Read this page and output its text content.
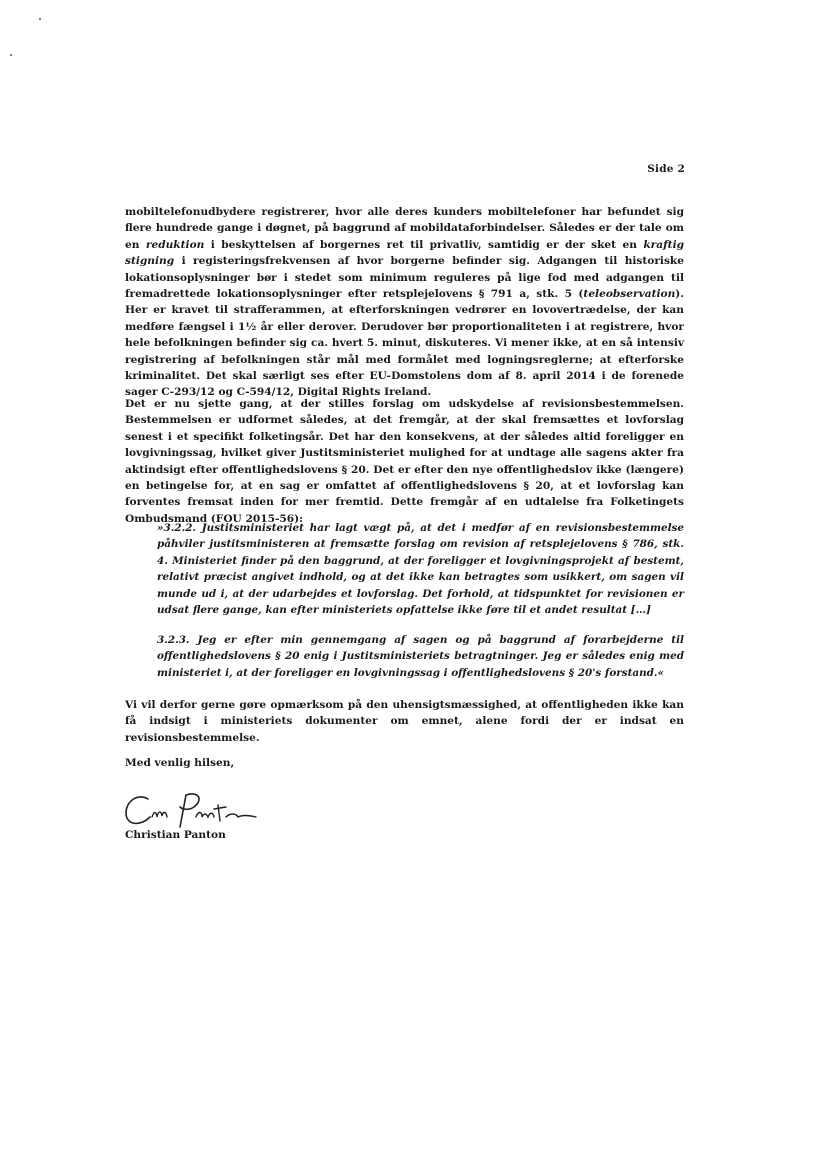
Side 2

mobiltelefonudbydere registrerer, hvor alle deres kunders mobiltelefoner har befundet sig flere hundrede gange i døgnet, på baggrund af mobildataforbindelser. Således er der tale om en reduktion i beskyttelsen af borgernes ret til privatliv, samtidig er der sket en kraftig stigning i registeringsfrekvensen af hvor borgerne befinder sig. Adgangen til historiske lokationsoplysninger bør i stedet som minimum reguleres på lige fod med adgangen til fremadrettede lokationsoplysninger efter retsplejelovens § 791 a, stk. 5 (teleobservation). Her er kravet til strafferammen, at efterforskningen vedrører en lovovertrædelse, der kan medføre fængsel i 1½ år eller derover. Derudover bør proportionaliteten i at registrere, hvor hele befolkningen befinder sig ca. hvert 5. minut, diskuteres. Vi mener ikke, at en så intensiv registrering af befolkningen står mål med formålet med logningsreglerne; at efterforske kriminalitet. Det skal særligt ses efter EU-Domstolens dom af 8. april 2014 i de forenede sager C-293/12 og C-594/12, Digital Rights Ireland.

Det er nu sjette gang, at der stilles forslag om udskydelse af revisionsbestemmelsen. Bestemmelsen er udformet således, at det fremgår, at der skal fremsættes et lovforslag senest i et specifikt folketingsår. Det har den konsekvens, at der således altid foreligger en lovgivningssag, hvilket giver Justitsministeriet mulighed for at undtage alle sagens akter fra aktindsigt efter offentlighedslovens § 20. Det er efter den nye offentlighedslov ikke (længere) en betingelse for, at en sag er omfattet af offentlighedslovens § 20, at et lovforslag kan forventes fremsat inden for mer fremtid. Dette fremgår af en udtalelse fra Folketingets Ombudsmand (FOU 2015-56):

»3.2.2. Justitsministeriet har lagt vægt på, at det i medfør af en revisionsbestemmelse påhviler justitsministeren at fremsætte forslag om revision af retsplejelovens § 786, stk. 4. Ministeriet finder på den baggrund, at der foreligger et lovgivningsprojekt af bestemt, relativt præcist angivet indhold, og at det ikke kan betragtes som usikkert, om sagen vil munde ud i, at der udarbejdes et lovforslag. Det forhold, at tidspunktet for revisionen er udsat flere gange, kan efter ministeriets opfattelse ikke føre til et andet resultat […]

3.2.3. Jeg er efter min gennemgang af sagen og på baggrund af forarbejderne til offentlighedslovens § 20 enig i Justitsministeriets betragtninger. Jeg er således enig med ministeriet i, at der foreligger en lovgivningssag i offentlighedslovens § 20's forstand.«

Vi vil derfor gerne gøre opmærksom på den uhensigtsmæssighed, at offentligheden ikke kan få indsigt i ministeriets dokumenter om emnet, alene fordi der er indsat en revisionsbestemmelse.

Med venlig hilsen,
Christian Panton
